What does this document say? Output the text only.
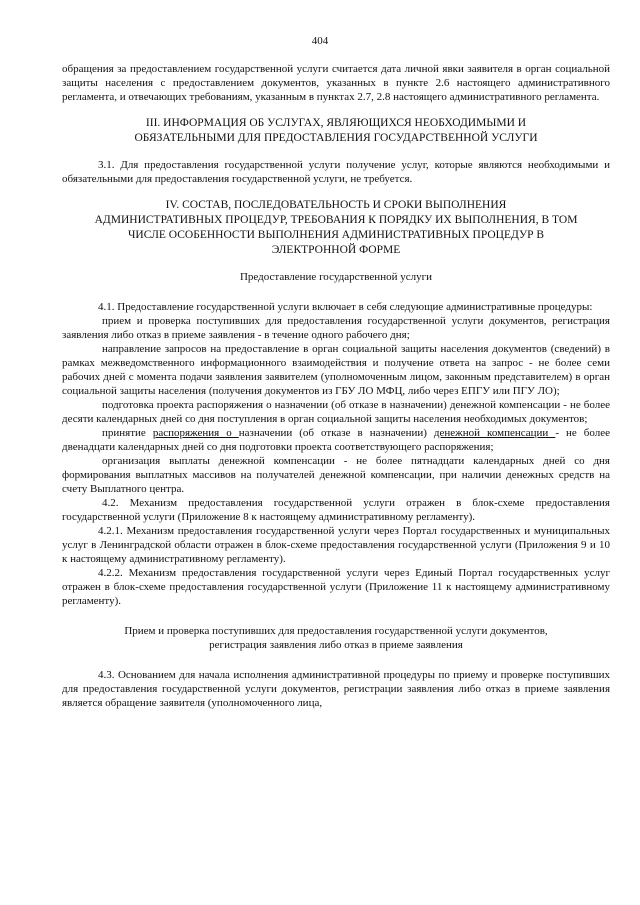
404

обращения за предоставлением государственной услуги считается дата личной явки заявителя в орган социальной защиты населения с предоставлением документов, указанных в пункте 2.6 настоящего административного регламента, и отвечающих требованиям, указанным в пунктах 2.7, 2.8 настоящего административного регламента.

III. ИНФОРМАЦИЯ ОБ УСЛУГАХ, ЯВЛЯЮЩИХСЯ НЕОБХОДИМЫМИ И
ОБЯЗАТЕЛЬНЫМИ ДЛЯ ПРЕДОСТАВЛЕНИЯ ГОСУДАРСТВЕННОЙ УСЛУГИ

3.1. Для предоставления государственной услуги получение услуг, которые являются необходимыми и обязательными для предоставления государственной услуги, не требуется.

IV. СОСТАВ, ПОСЛЕДОВАТЕЛЬНОСТЬ И СРОКИ ВЫПОЛНЕНИЯ
АДМИНИСТРАТИВНЫХ ПРОЦЕДУР, ТРЕБОВАНИЯ К ПОРЯДКУ ИХ ВЫПОЛНЕНИЯ, В ТОМ
ЧИСЛЕ ОСОБЕННОСТИ ВЫПОЛНЕНИЯ АДМИНИСТРАТИВНЫХ ПРОЦЕДУР В
ЭЛЕКТРОННОЙ ФОРМЕ
Предоставление государственной услуги

4.1. Предоставление государственной услуги включает в себя следующие административные процедуры:

прием и проверка поступивших для предоставления государственной услуги документов, регистрация заявления либо отказ в приеме заявления - в течение одного рабочего дня;

направление запросов на предоставление в орган социальной защиты населения документов (сведений) в рамках межведомственного информационного взаимодействия и получение ответа на запрос - не более семи рабочих дней с момента подачи заявления заявителем (уполномоченным лицом, законным представителем) в орган социальной защиты населения (получения документов из ГБУ ЛО МФЦ, либо через ЕПГУ или ПГУ ЛО);

подготовка проекта распоряжения о назначении (об отказе в назначении) денежной компенсации - не более десяти календарных дней со дня поступления в орган социальной защиты населения необходимых документов;

принятие распоряжения о назначении (об отказе в назначении) денежной компенсации - не более двенадцати календарных дней со дня подготовки проекта соответствующего распоряжения;

организация выплаты денежной компенсации - не более пятнадцати календарных дней со дня формирования выплатных массивов на получателей денежной компенсации, при наличии денежных средств на счету Выплатного центра.

4.2. Механизм предоставления государственной услуги отражен в блок-схеме предоставления государственной услуги (Приложение 8 к настоящему административному регламенту).

4.2.1. Механизм предоставления государственной услуги через Портал государственных и муниципальных услуг в Ленинградской области отражен в блок-схеме предоставления государственной услуги (Приложения 9 и 10 к настоящему административному регламенту).

4.2.2. Механизм предоставления государственной услуги через Единый Портал государственных услуг отражен в блок-схеме предоставления государственной услуги (Приложение 11 к настоящему административному регламенту).

Прием и проверка поступивших для предоставления государственной услуги документов,
регистрация заявления либо отказ в приеме заявления

4.3. Основанием для начала исполнения административной процедуры по приему и проверке поступивших для предоставления государственной услуги документов, регистрации заявления либо отказ в приеме заявления является обращение заявителя (уполномоченного лица,
